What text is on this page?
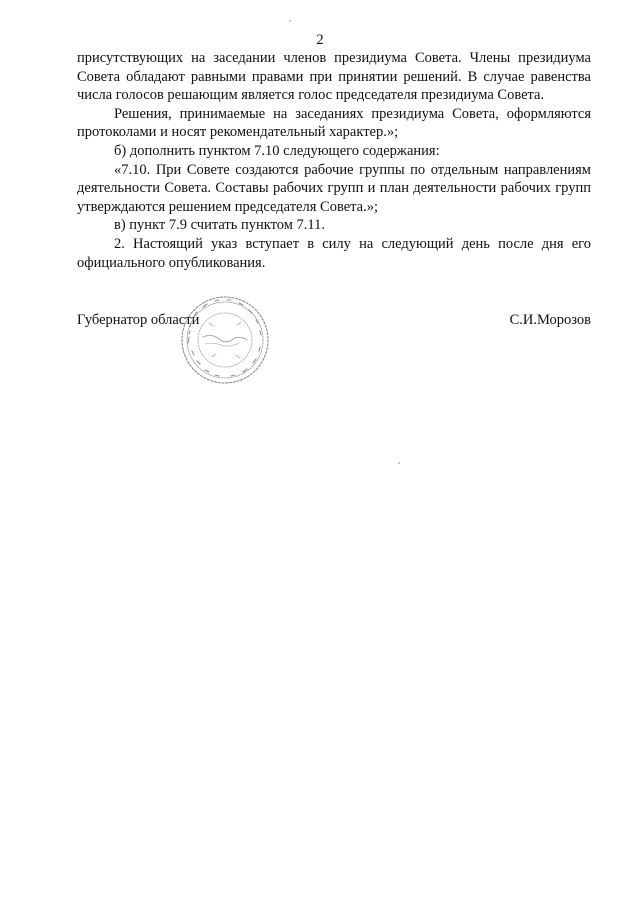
2

присутствующих на заседании членов президиума Совета. Члены президиума Совета обладают равными правами при принятии решений. В случае равенства числа голосов решающим является голос председателя президиума Совета.

Решения, принимаемые на заседаниях президиума Совета, оформляются протоколами и носят рекомендательный характер.»;

б) дополнить пунктом 7.10 следующего содержания:

«7.10. При Совете создаются рабочие группы по отдельным направлениям деятельности Совета. Составы рабочих групп и план деятельности рабочих групп утверждаются решением председателя Совета.»;

в) пункт 7.9 считать пунктом 7.11.

2. Настоящий указ вступает в силу на следующий день после дня его официального опубликования.

Губернатор области	С.И.Морозов
